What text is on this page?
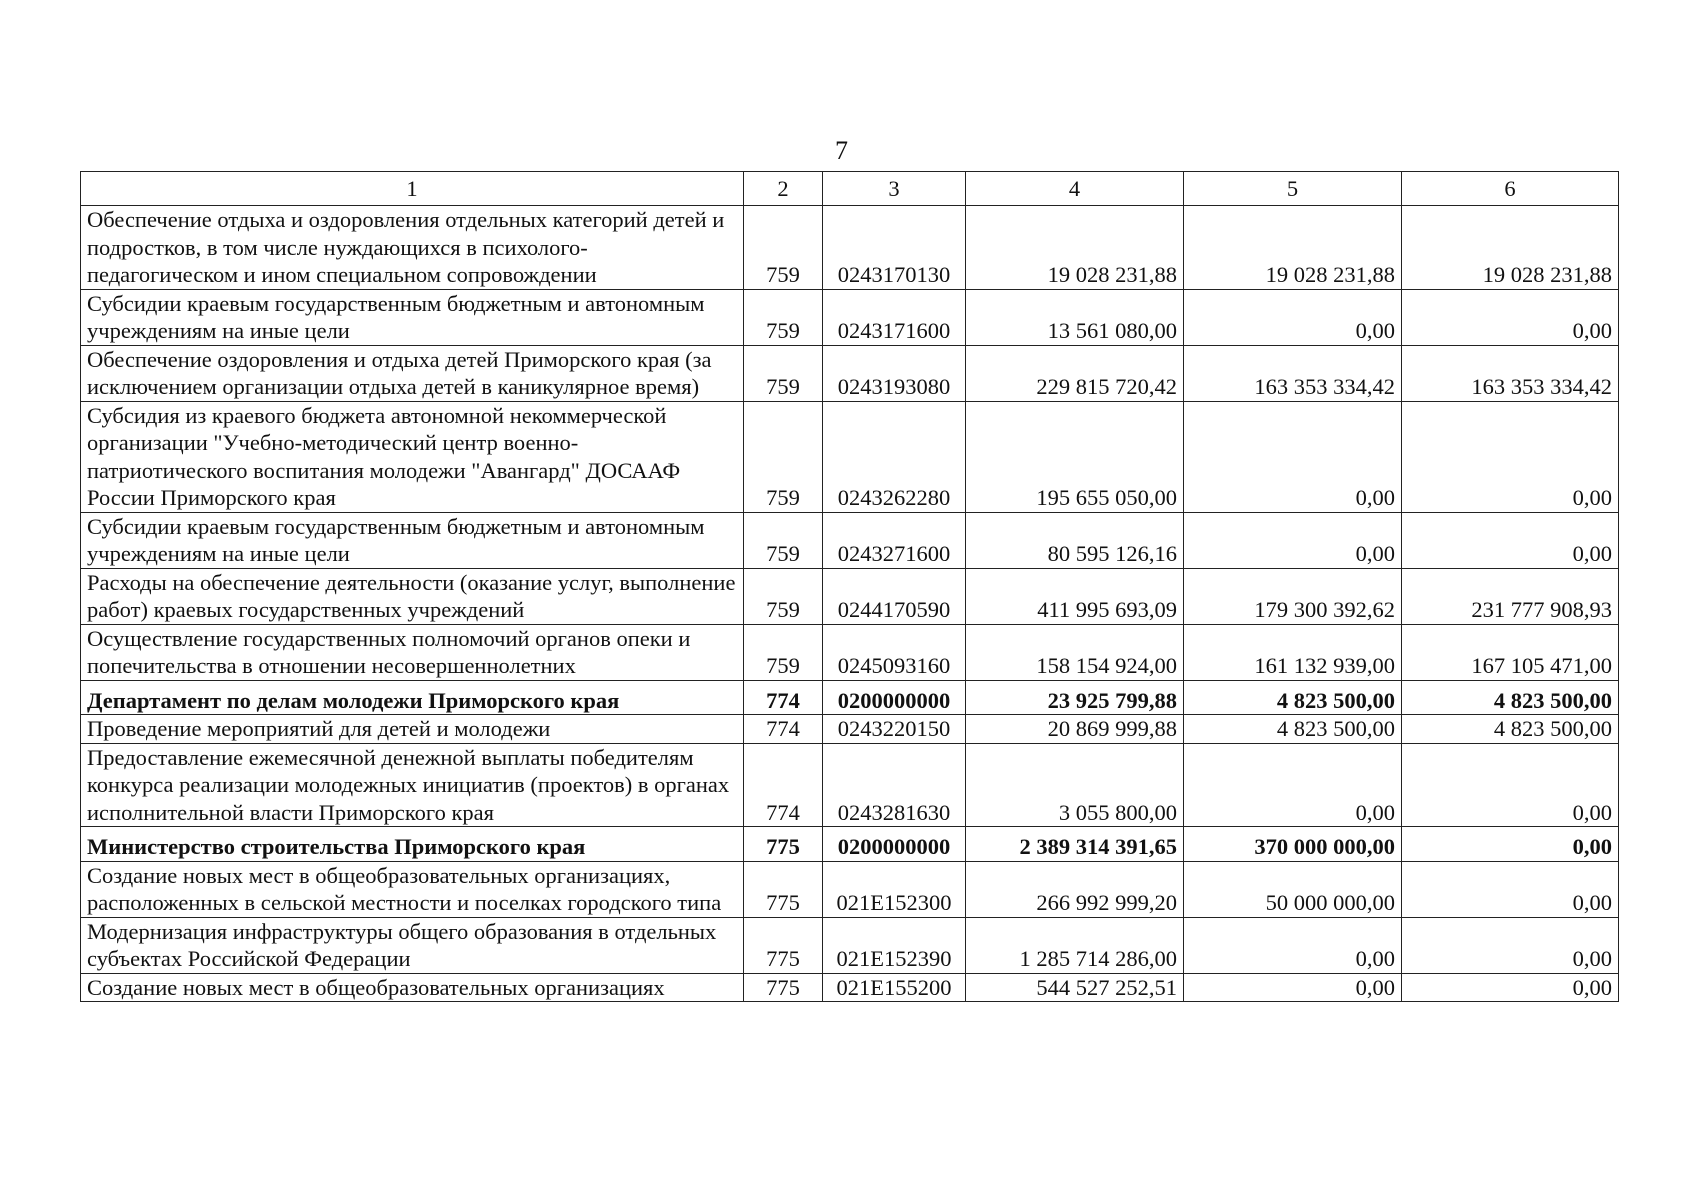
7
1	2	3	4	5	6
Обеспечение отдыха и оздоровления отдельных категорий детей и подростков, в том числе нуждающихся в психолого-педагогическом и ином специальном сопровождении	759	0243170130	19 028 231,88	19 028 231,88	19 028 231,88
Субсидии краевым государственным бюджетным и автономным учреждениям на иные цели	759	0243171600	13 561 080,00	0,00	0,00
Обеспечение оздоровления и отдыха детей Приморского края (за исключением организации отдыха детей в каникулярное время)	759	0243193080	229 815 720,42	163 353 334,42	163 353 334,42
Субсидия из краевого бюджета автономной некоммерческой организации "Учебно-методический центр военно-патриотического воспитания молодежи "Авангард" ДОСААФ России Приморского края	759	0243262280	195 655 050,00	0,00	0,00
Субсидии краевым государственным бюджетным и автономным учреждениям на иные цели	759	0243271600	80 595 126,16	0,00	0,00
Расходы на обеспечение деятельности (оказание услуг, выполнение работ) краевых государственных учреждений	759	0244170590	411 995 693,09	179 300 392,62	231 777 908,93
Осуществление государственных полномочий органов опеки и попечительства в отношении несовершеннолетних	759	0245093160	158 154 924,00	161 132 939,00	167 105 471,00
Департамент по делам молодежи Приморского края	774	0200000000	23 925 799,88	4 823 500,00	4 823 500,00
Проведение мероприятий для детей и молодежи	774	0243220150	20 869 999,88	4 823 500,00	4 823 500,00
Предоставление ежемесячной денежной выплаты победителям конкурса реализации молодежных инициатив (проектов) в органах исполнительной власти Приморского края	774	0243281630	3 055 800,00	0,00	0,00
Министерство строительства Приморского края	775	0200000000	2 389 314 391,65	370 000 000,00	0,00
Создание новых мест в общеобразовательных организациях, расположенных в сельской местности и поселках городского типа	775	021Е152300	266 992 999,20	50 000 000,00	0,00
Модернизация инфраструктуры общего образования в отдельных субъектах Российской Федерации	775	021Е152390	1 285 714 286,00	0,00	0,00
Создание новых мест в общеобразовательных организациях	775	021Е155200	544 527 252,51	0,00	0,00
